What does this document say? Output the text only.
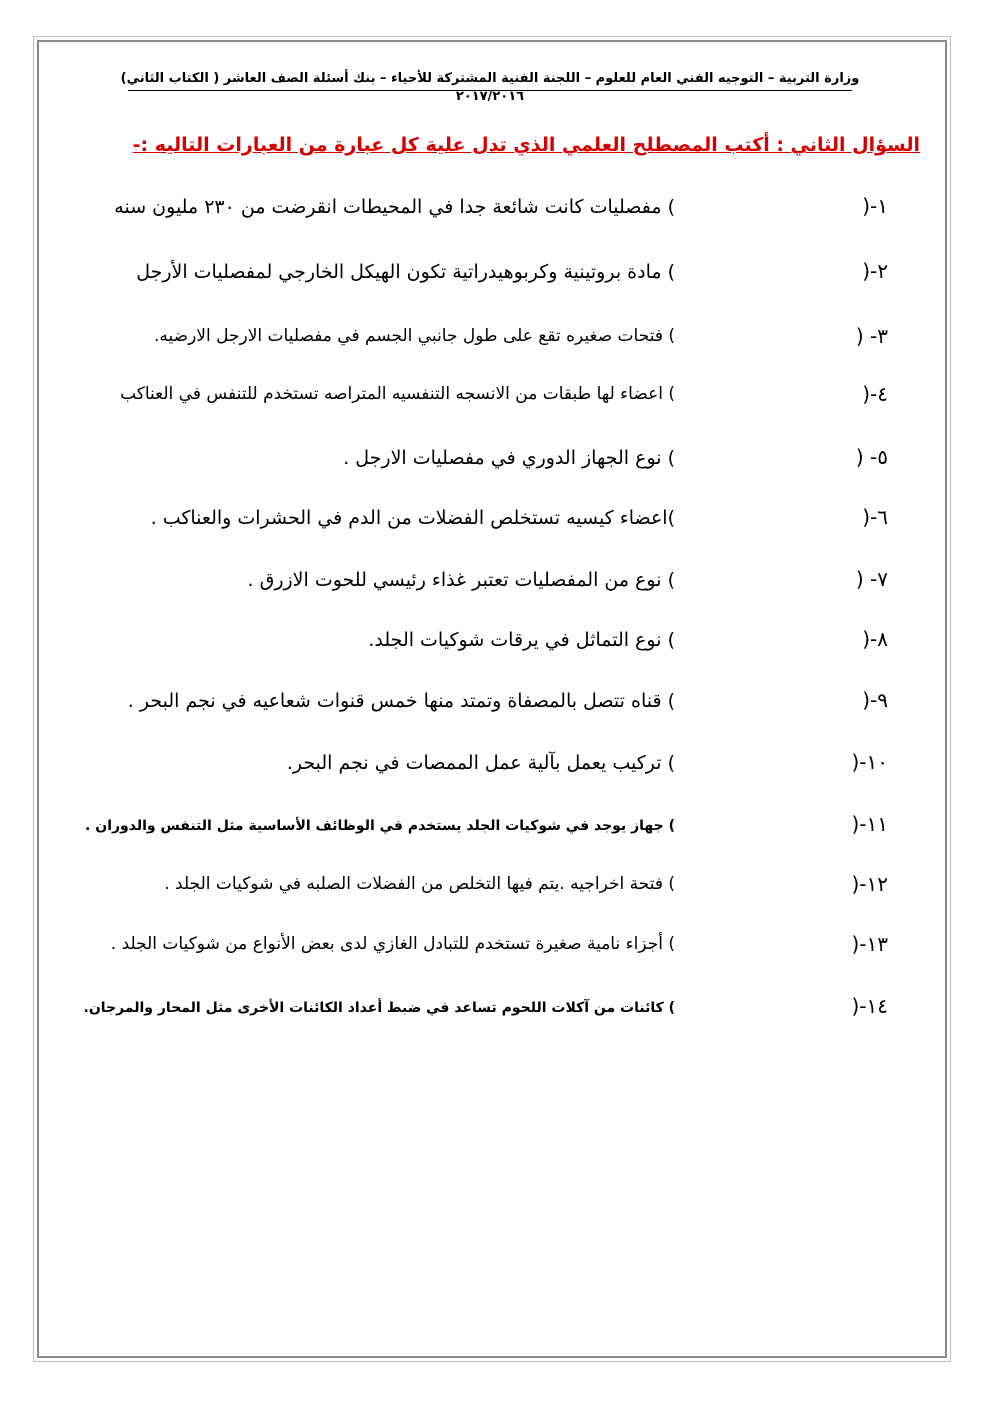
وزارة التربية – التوجيه الفني العام للعلوم – اللجنة الفنية المشتركة للأحياء – بنك أسئلة الصف العاشر ( الكتاب الثاني) ٢٠١٧/٢٠١٦
السؤال الثاني : أكتب المصطلح العلمي الذي تدل علية كل عبارة من العبارات التاليه :-
١-(
) مفصليات كانت شائعة جدا في المحيطات انقرضت من ٢٣٠ مليون سنه
٢-(
) مادة بروتينية وكربوهيدراتية تكون الهيكل الخارجي لمفصليات الأرجل
٣- (
) فتحات صغيره تقع على طول جانبي الجسم في مفصليات الارجل الارضيه.
٤-(
) اعضاء لها طبقات من الانسجه التنفسيه المتراصه تستخدم للتنفس في العناكب
٥- (
) نوع الجهاز الدوري في مفصليات الارجل .
٦-(
)اعضاء كيسيه تستخلص الفضلات من الدم في الحشرات والعناكب .
٧- (
) نوع من المفصليات تعتبر غذاء رئيسي للحوت الازرق .
٨-(
) نوع التماثل في يرقات شوكيات الجلد.
٩-(
) قناه تتصل بالمصفاة وتمتد منها خمس قنوات شعاعيه في نجم البحر .
١٠-(
) تركيب يعمل بآلية عمل الممصات في نجم البحر.
١١-(
) جهاز يوجد في شوكيات الجلد يستخدم في الوظائف الأساسية مثل التنفس والدوران .
١٢-(
) فتحة اخراجيه .يتم فيها التخلص من الفضلات الصلبه في شوكيات الجلد .
١٣-(
) أجزاء نامية صغيرة تستخدم للتبادل الغازي لدى بعض الأنواع من شوكيات الجلد .
١٤-(
) كائنات من آكلات اللحوم تساعد في ضبط أعداد الكائنات الأخرى مثل المحار والمرجان.
